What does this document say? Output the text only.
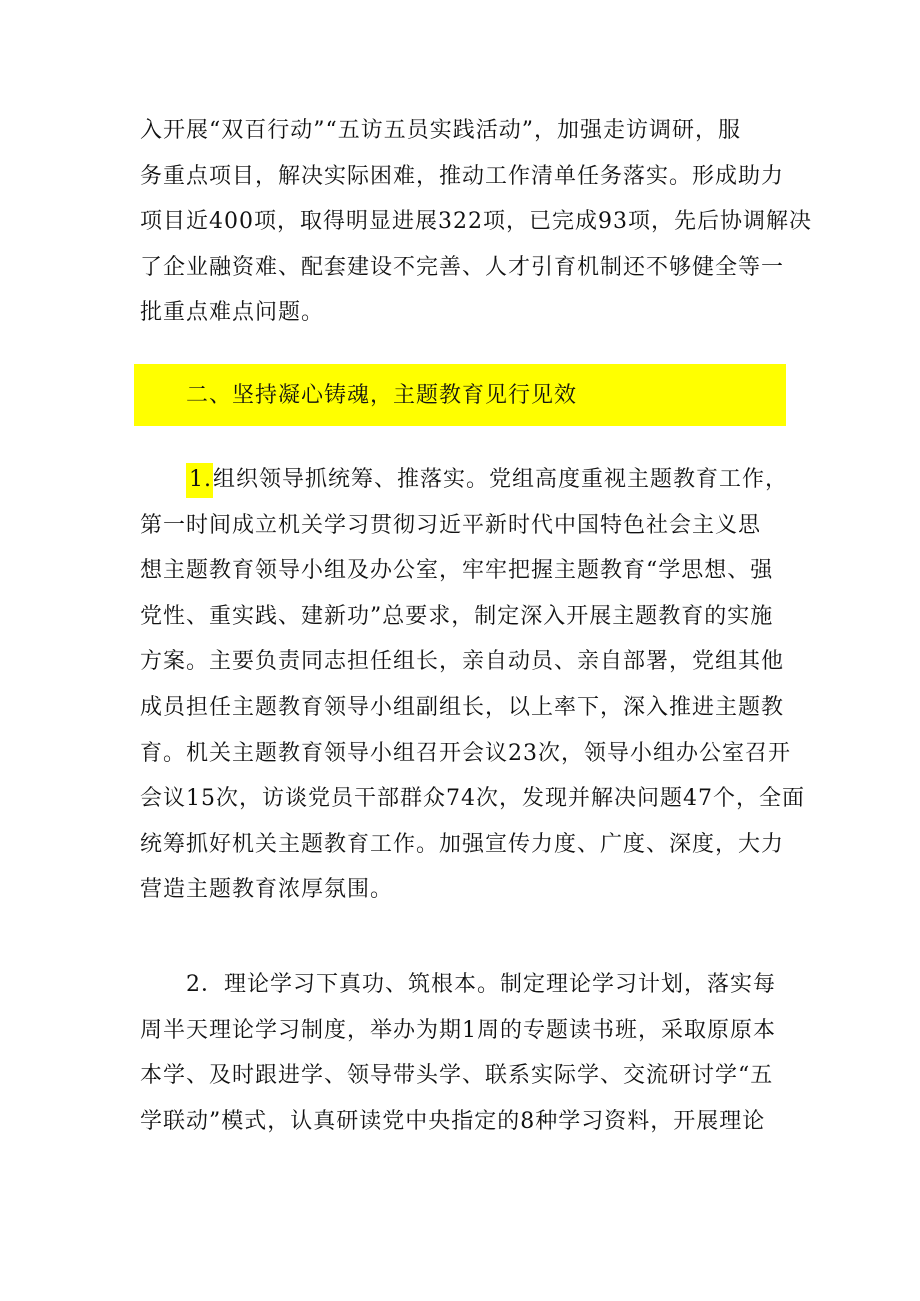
入开展“双百行动”“五访五员实践活动”，加强走访调研，服
务重点项目，解决实际困难，推动工作清单任务落实。形成助力
项目近400项，取得明显进展322项，已完成93项，先后协调解决
了企业融资难、配套建设不完善、人才引育机制还不够健全等一
批重点难点问题。
二、坚持凝心铸魂，主题教育见行见效
1.组织领导抓统筹、推落实。党组高度重视主题教育工作，
第一时间成立机关学习贯彻习近平新时代中国特色社会主义思
想主题教育领导小组及办公室，牢牢把握主题教育“学思想、强
党性、重实践、建新功”总要求，制定深入开展主题教育的实施
方案。主要负责同志担任组长，亲自动员、亲自部署，党组其他
成员担任主题教育领导小组副组长，以上率下，深入推进主题教
育。机关主题教育领导小组召开会议23次，领导小组办公室召开
会议15次，访谈党员干部群众74次，发现并解决问题47个，全面
统筹抓好机关主题教育工作。加强宣传力度、广度、深度，大力
营造主题教育浓厚氛围。
2．理论学习下真功、筑根本。制定理论学习计划，落实每
周半天理论学习制度，举办为期1周的专题读书班，采取原原本
本学、及时跟进学、领导带头学、联系实际学、交流研讨学“五
学联动”模式，认真研读党中央指定的8种学习资料，开展理论
